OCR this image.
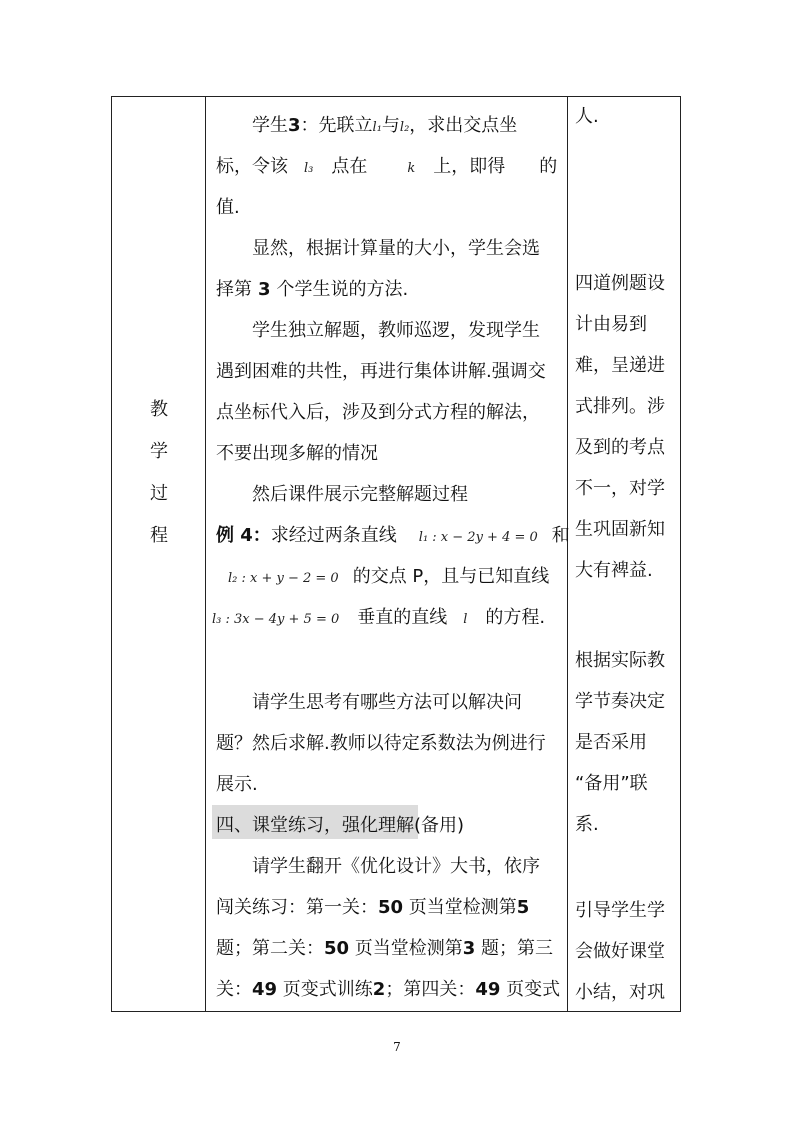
教
学
过
程
学生3：先联立l₁与l₂，求出交点坐
标，令该 l₃ 点在	k 上，即得 的
值.
显然，根据计算量的大小，学生会选
择第 3 个学生说的方法.
学生独立解题，教师巡逻，发现学生
遇到困难的共性，再进行集体讲解.强调交
点坐标代入后，涉及到分式方程的解法，
不要出现多解的情况
然后课件展示完整解题过程
例 4：求经过两条直线 l₁ : x − 2y + 4 = 0 和
l₂ : x + y − 2 = 0 的交点 P，且与已知直线
l₃ : 3x − 4y + 5 = 0 垂直的直线 l 的方程.
请学生思考有哪些方法可以解决问
题？然后求解.教师以待定系数法为例进行
展示.
四、课堂练习，强化理解(备用)
请学生翻开《优化设计》大书，依序
闯关练习：第一关：50 页当堂检测第5
题；第二关：50 页当堂检测第3 题；第三
关：49 页变式训练2；第四关：49 页变式
人.
四道例题设
计由易到
难，呈递进
式排列。涉
及到的考点
不一，对学
生巩固新知
大有裨益.
根据实际教
学节奏决定
是否采用
“备用”联
系.
引导学生学
会做好课堂
小结，对巩
7
